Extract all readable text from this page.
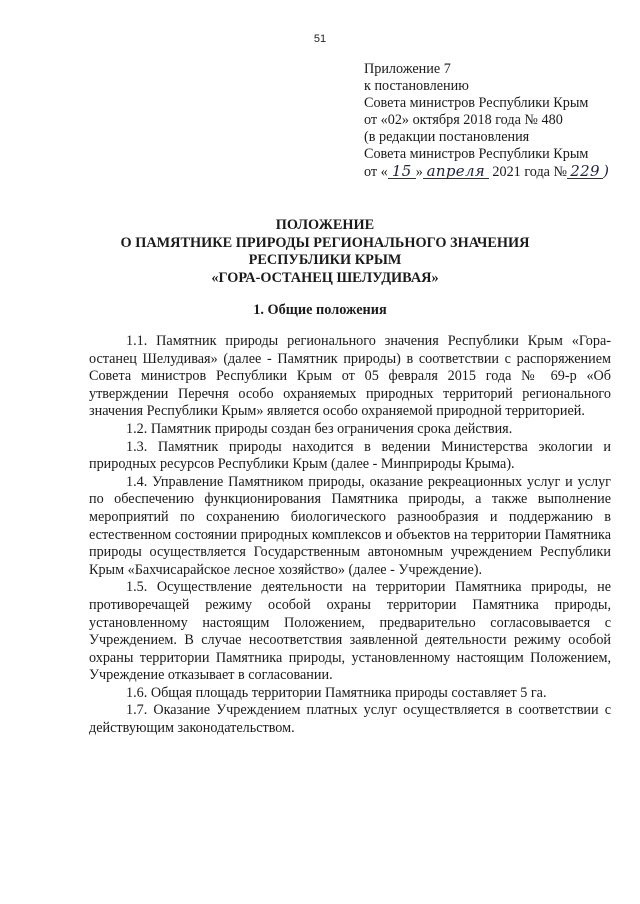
51
Приложение 7
к постановлению
Совета министров Республики Крым
от «02» октября 2018 года № 480
(в редакции постановления
Совета министров Республики Крым
от « 15 » апреля 2021 года № 229 )
ПОЛОЖЕНИЕ
О ПАМЯТНИКЕ ПРИРОДЫ РЕГИОНАЛЬНОГО ЗНАЧЕНИЯ
РЕСПУБЛИКИ КРЫМ
«ГОРА-ОСТАНЕЦ ШЕЛУДИВАЯ»
1. Общие положения

1.1. Памятник природы регионального значения Республики Крым «Гора-останец Шелудивая» (далее - Памятник природы) в соответствии с распоряжением Совета министров Республики Крым от 05 февраля 2015 года № 69-р «Об утверждении Перечня особо охраняемых природных территорий регионального значения Республики Крым» является особо охраняемой природной территорией.

1.2. Памятник природы создан без ограничения срока действия.

1.3. Памятник природы находится в ведении Министерства экологии и природных ресурсов Республики Крым (далее - Минприроды Крыма).

1.4. Управление Памятником природы, оказание рекреационных услуг и услуг по обеспечению функционирования Памятника природы, а также выполнение мероприятий по сохранению биологического разнообразия и поддержанию в естественном состоянии природных комплексов и объектов на территории Памятника природы осуществляется Государственным автономным учреждением Республики Крым «Бахчисарайское лесное хозяйство» (далее - Учреждение).

1.5. Осуществление деятельности на территории Памятника природы, не противоречащей режиму особой охраны территории Памятника природы, установленному настоящим Положением, предварительно согласовывается с Учреждением. В случае несоответствия заявленной деятельности режиму особой охраны территории Памятника природы, установленному настоящим Положением, Учреждение отказывает в согласовании.

1.6. Общая площадь территории Памятника природы составляет 5 га.

1.7. Оказание Учреждением платных услуг осуществляется в соответствии с действующим законодательством.
